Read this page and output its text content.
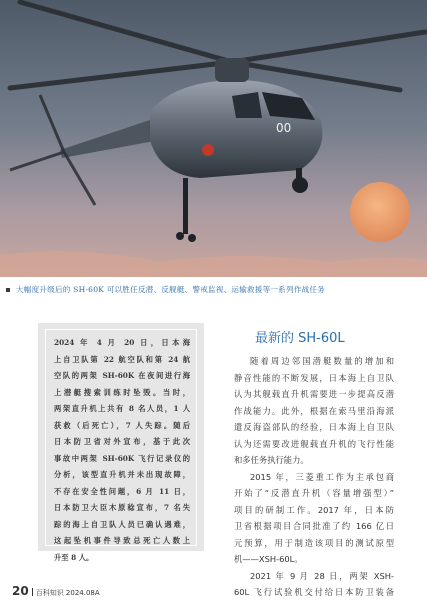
00
大幅度升级后的 SH-60K 可以胜任反潜、反舰艇、警戒监视、运输救援等一系列作战任务
2024 年 4 月 20 日，日本海
上自卫队第 22 航空队和第 24 航
空队的两架 SH-60K 在夜间进行海
上潜艇搜索训练时坠毁。当时，
两架直升机上共有 8 名人员，1 人
获救（后死亡），7 人失踪。随后
日本防卫省对外宣布，基于此次
事故中两架 SH-60K 飞行记录仪的
分析，该型直升机并未出现故障，
不存在安全性问题，6 月 11 日，
日本防卫大臣木原稔宣布，7 名失
踪的海上自卫队人员已确认遇难，
这起坠机事件导致总死亡人数上
升至 8 人。
最新的 SH-60L
随着周边邻国潜艇数量的增加和
静音性能的不断发展，日本海上自卫队
认为其舰载直升机需要进一步提高反潜
作战能力。此外，根据在索马里沿海派
遣反海盗部队的经验，日本海上自卫队
认为还需要改进舰载直升机的飞行性能
和多任务执行能力。
2015 年，三菱重工作为主承包商
开始了“反潜直升机（容量增强型）”
项目的研制工作。2017 年，日本防
卫省根据项目合同批准了约 166 亿日
元预算，用于制造该项目的测试原型
机——XSH-60L。
2021 年 9 月 28 日，两架 XSH-
60L 飞行试验机交付给日本防卫装备
20 百科知识 2024.08A
